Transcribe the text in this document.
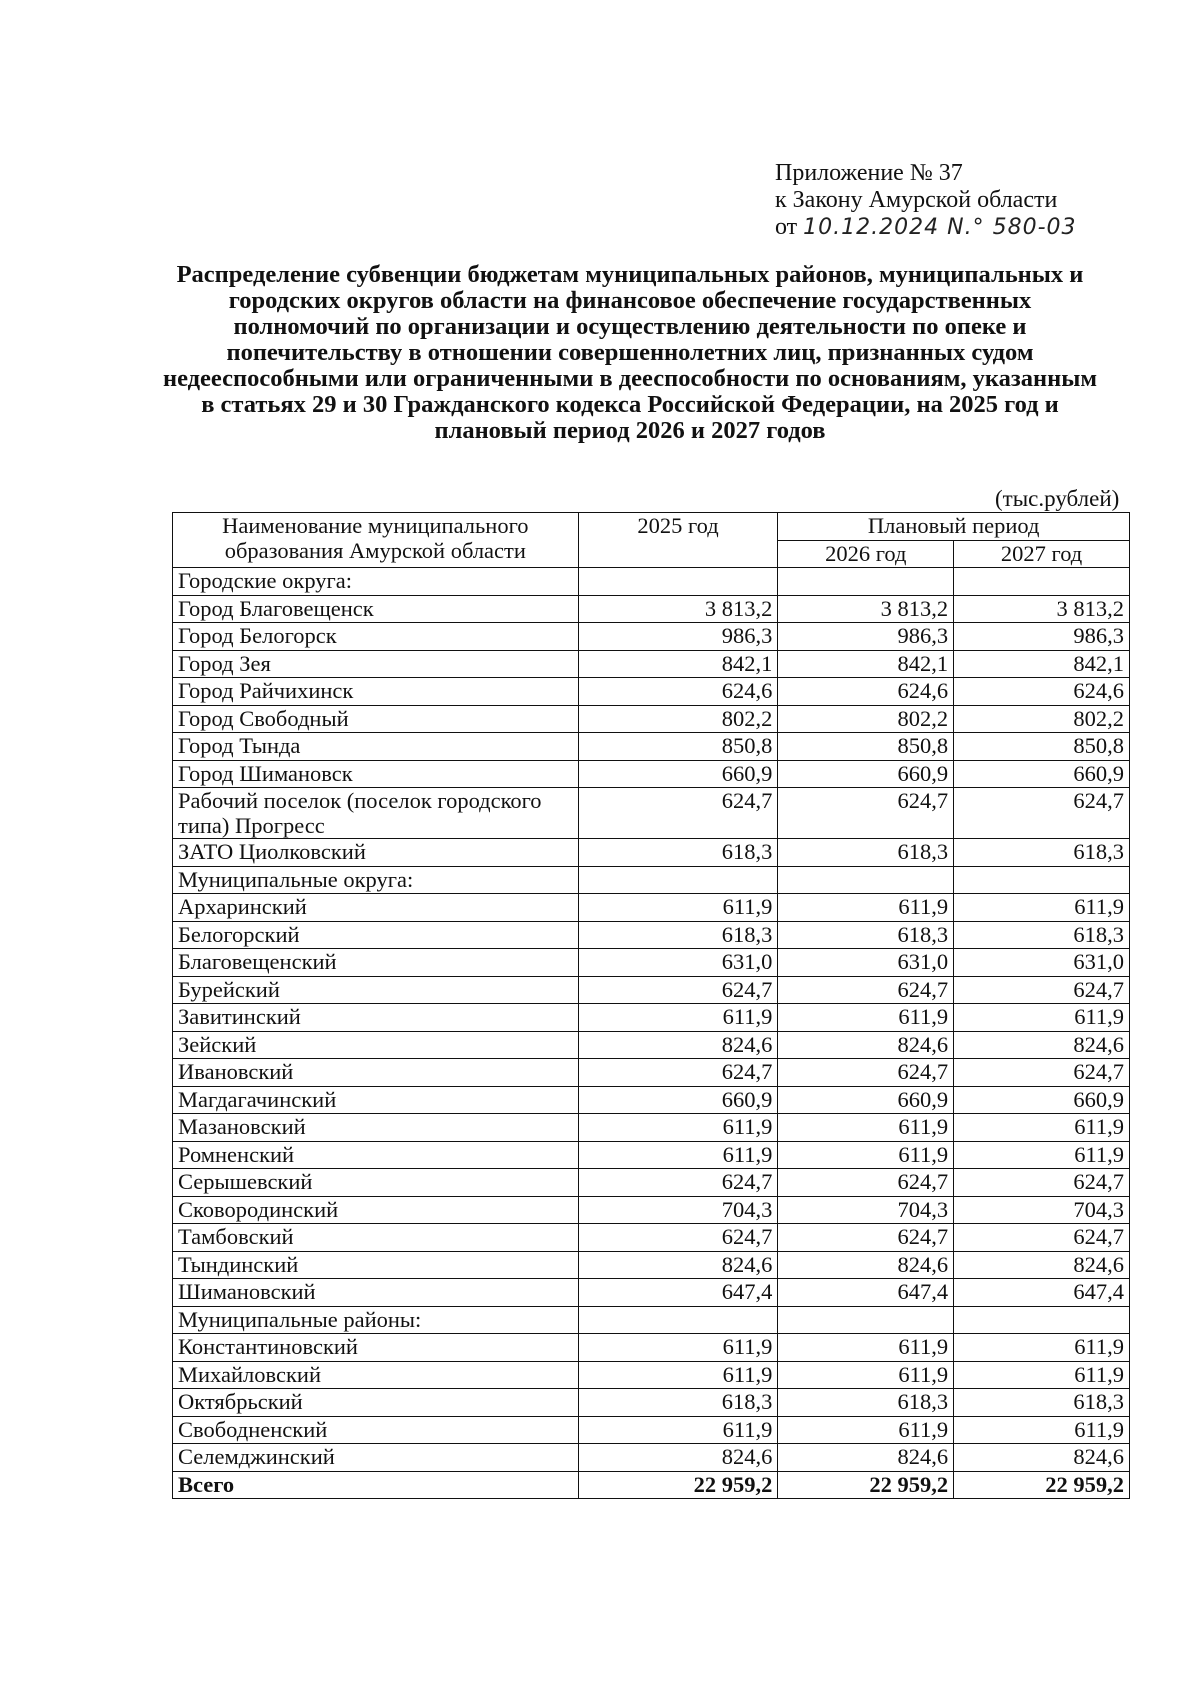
Приложение № 37
к Закону Амурской области
от 10.12.2024 N.° 580-03
Распределение субвенции бюджетам муниципальных районов, муниципальных и городских округов области на финансовое обеспечение государственных полномочий по организации и осуществлению деятельности по опеке и попечительству в отношении совершеннолетних лиц, признанных судом недееспособными или ограниченными в дееспособности по основаниям, указанным в статьях 29 и 30 Гражданского кодекса Российской Федерации, на 2025 год и плановый период 2026 и 2027 годов
(тыс.рублей)
Наименование муниципального образования Амурской области	2025 год	Плановый период	
		2026 год	2027 год
Городские округа:			
Город Благовещенск	3 813,2	3 813,2	3 813,2
Город Белогорск	986,3	986,3	986,3
Город Зея	842,1	842,1	842,1
Город Райчихинск	624,6	624,6	624,6
Город Свободный	802,2	802,2	802,2
Город Тында	850,8	850,8	850,8
Город Шимановск	660,9	660,9	660,9
Рабочий поселок (поселок городского типа) Прогресс	624,7	624,7	624,7
ЗАТО Циолковский	618,3	618,3	618,3
Муниципальные округа:			
Архаринский	611,9	611,9	611,9
Белогорский	618,3	618,3	618,3
Благовещенский	631,0	631,0	631,0
Бурейский	624,7	624,7	624,7
Завитинский	611,9	611,9	611,9
Зейский	824,6	824,6	824,6
Ивановский	624,7	624,7	624,7
Магдагачинский	660,9	660,9	660,9
Мазановский	611,9	611,9	611,9
Ромненский	611,9	611,9	611,9
Серышевский	624,7	624,7	624,7
Сковородинский	704,3	704,3	704,3
Тамбовский	624,7	624,7	624,7
Тындинский	824,6	824,6	824,6
Шимановский	647,4	647,4	647,4
Муниципальные районы:			
Константиновский	611,9	611,9	611,9
Михайловский	611,9	611,9	611,9
Октябрьский	618,3	618,3	618,3
Свободненский	611,9	611,9	611,9
Селемджинский	824,6	824,6	824,6
Всего	22 959,2	22 959,2	22 959,2
